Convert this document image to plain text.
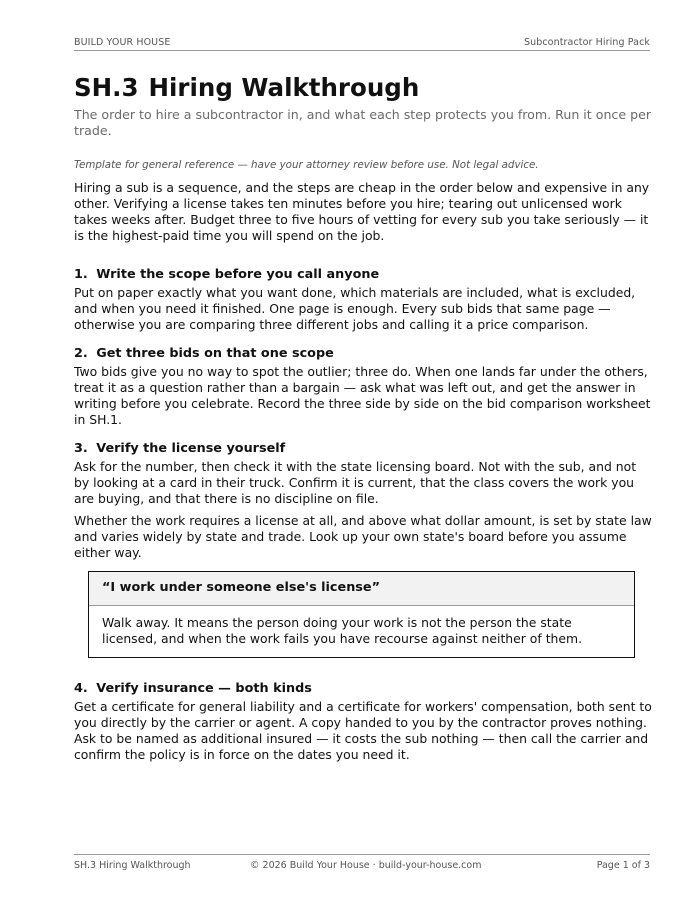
BUILD YOUR HOUSE	Subcontractor Hiring Pack
SH.3 Hiring Walkthrough

The order to hire a subcontractor in, and what each step protects you from. Run it once per trade.

Template for general reference — have your attorney review before use. Not legal advice.

Hiring a sub is a sequence, and the steps are cheap in the order below and expensive in any other. Verifying a license takes ten minutes before you hire; tearing out unlicensed work takes weeks after. Budget three to five hours of vetting for every sub you take seriously — it is the highest-paid time you will spend on the job.

1. Write the scope before you call anyone

Put on paper exactly what you want done, which materials are included, what is excluded, and when you need it finished. One page is enough. Every sub bids that same page — otherwise you are comparing three different jobs and calling it a price comparison.

2. Get three bids on that one scope

Two bids give you no way to spot the outlier; three do. When one lands far under the others, treat it as a question rather than a bargain — ask what was left out, and get the answer in writing before you celebrate. Record the three side by side on the bid comparison worksheet in SH.1.

3. Verify the license yourself

Ask for the number, then check it with the state licensing board. Not with the sub, and not by looking at a card in their truck. Confirm it is current, that the class covers the work you are buying, and that there is no discipline on file.

Whether the work requires a license at all, and above what dollar amount, is set by state law and varies widely by state and trade. Look up your own state's board before you assume either way.

“I work under someone else's license”
Walk away. It means the person doing your work is not the person the state licensed, and when the work fails you have recourse against neither of them.
4. Verify insurance — both kinds

Get a certificate for general liability and a certificate for workers' compensation, both sent to you directly by the carrier or agent. A copy handed to you by the contractor proves nothing. Ask to be named as additional insured — it costs the sub nothing — then call the carrier and confirm the policy is in force on the dates you need it.

SH.3 Hiring Walkthrough	© 2026 Build Your House · build-your-house.com	Page 1 of 3
